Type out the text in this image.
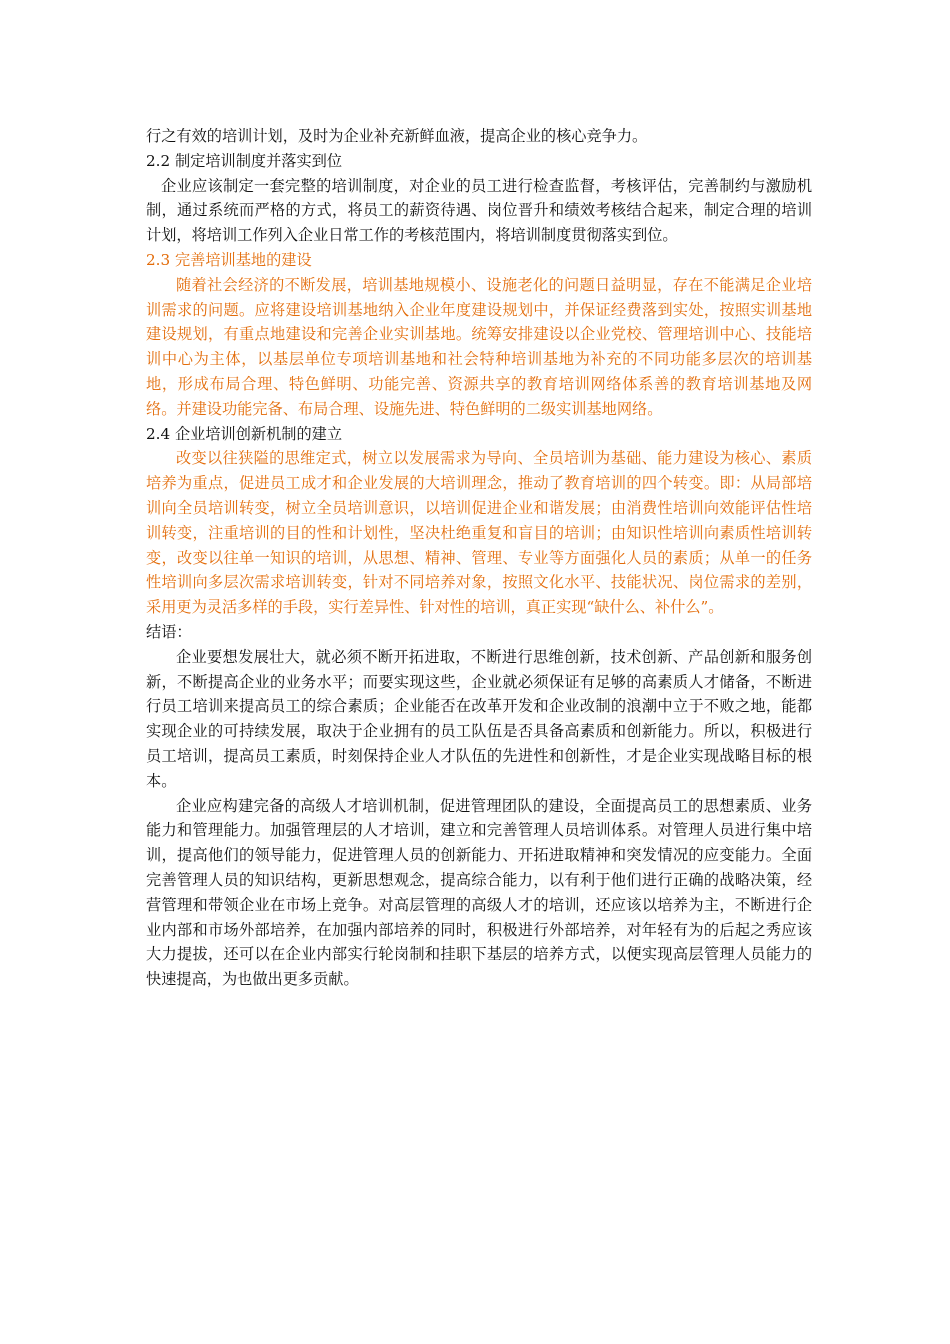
行之有效的培训计划，及时为企业补充新鲜血液，提高企业的核心竞争力。

2.2 制定培训制度并落实到位

企业应该制定一套完整的培训制度，对企业的员工进行检查监督，考核评估，完善制约与激励机制，通过系统而严格的方式，将员工的薪资待遇、岗位晋升和绩效考核结合起来，制定合理的培训计划，将培训工作列入企业日常工作的考核范围内，将培训制度贯彻落实到位。

2.3 完善培训基地的建设

随着社会经济的不断发展，培训基地规模小、设施老化的问题日益明显，存在不能满足企业培训需求的问题。应将建设培训基地纳入企业年度建设规划中，并保证经费落到实处，按照实训基地建设规划，有重点地建设和完善企业实训基地。统筹安排建设以企业党校、管理培训中心、技能培训中心为主体，以基层单位专项培训基地和社会特种培训基地为补充的不同功能多层次的培训基地，形成布局合理、特色鲜明、功能完善、资源共享的教育培训网络体系善的教育培训基地及网络。并建设功能完备、布局合理、设施先进、特色鲜明的二级实训基地网络。

2.4 企业培训创新机制的建立

改变以往狭隘的思维定式，树立以发展需求为导向、全员培训为基础、能力建设为核心、素质培养为重点，促进员工成才和企业发展的大培训理念，推动了教育培训的四个转变。即：从局部培训向全员培训转变，树立全员培训意识，以培训促进企业和谐发展；由消费性培训向效能评估性培训转变，注重培训的目的性和计划性，坚决杜绝重复和盲目的培训；由知识性培训向素质性培训转变，改变以往单一知识的培训，从思想、精神、管理、专业等方面强化人员的素质；从单一的任务性培训向多层次需求培训转变，针对不同培养对象，按照文化水平、技能状况、岗位需求的差别，采用更为灵活多样的手段，实行差异性、针对性的培训，真正实现“缺什么、补什么”。

结语：

企业要想发展壮大，就必须不断开拓进取，不断进行思维创新，技术创新、产品创新和服务创新，不断提高企业的业务水平；而要实现这些，企业就必须保证有足够的高素质人才储备，不断进行员工培训来提高员工的综合素质；企业能否在改革开发和企业改制的浪潮中立于不败之地，能都实现企业的可持续发展，取决于企业拥有的员工队伍是否具备高素质和创新能力。所以，积极进行员工培训，提高员工素质，时刻保持企业人才队伍的先进性和创新性，才是企业实现战略目标的根本。

企业应构建完备的高级人才培训机制，促进管理团队的建设，全面提高员工的思想素质、业务能力和管理能力。加强管理层的人才培训，建立和完善管理人员培训体系。对管理人员进行集中培训，提高他们的领导能力，促进管理人员的创新能力、开拓进取精神和突发情况的应变能力。全面完善管理人员的知识结构，更新思想观念，提高综合能力，以有利于他们进行正确的战略决策，经营管理和带领企业在市场上竞争。对高层管理的高级人才的培训，还应该以培养为主，不断进行企业内部和市场外部培养，在加强内部培养的同时，积极进行外部培养，对年轻有为的后起之秀应该大力提拔，还可以在企业内部实行轮岗制和挂职下基层的培养方式，以便实现高层管理人员能力的快速提高，为也做出更多贡献。
